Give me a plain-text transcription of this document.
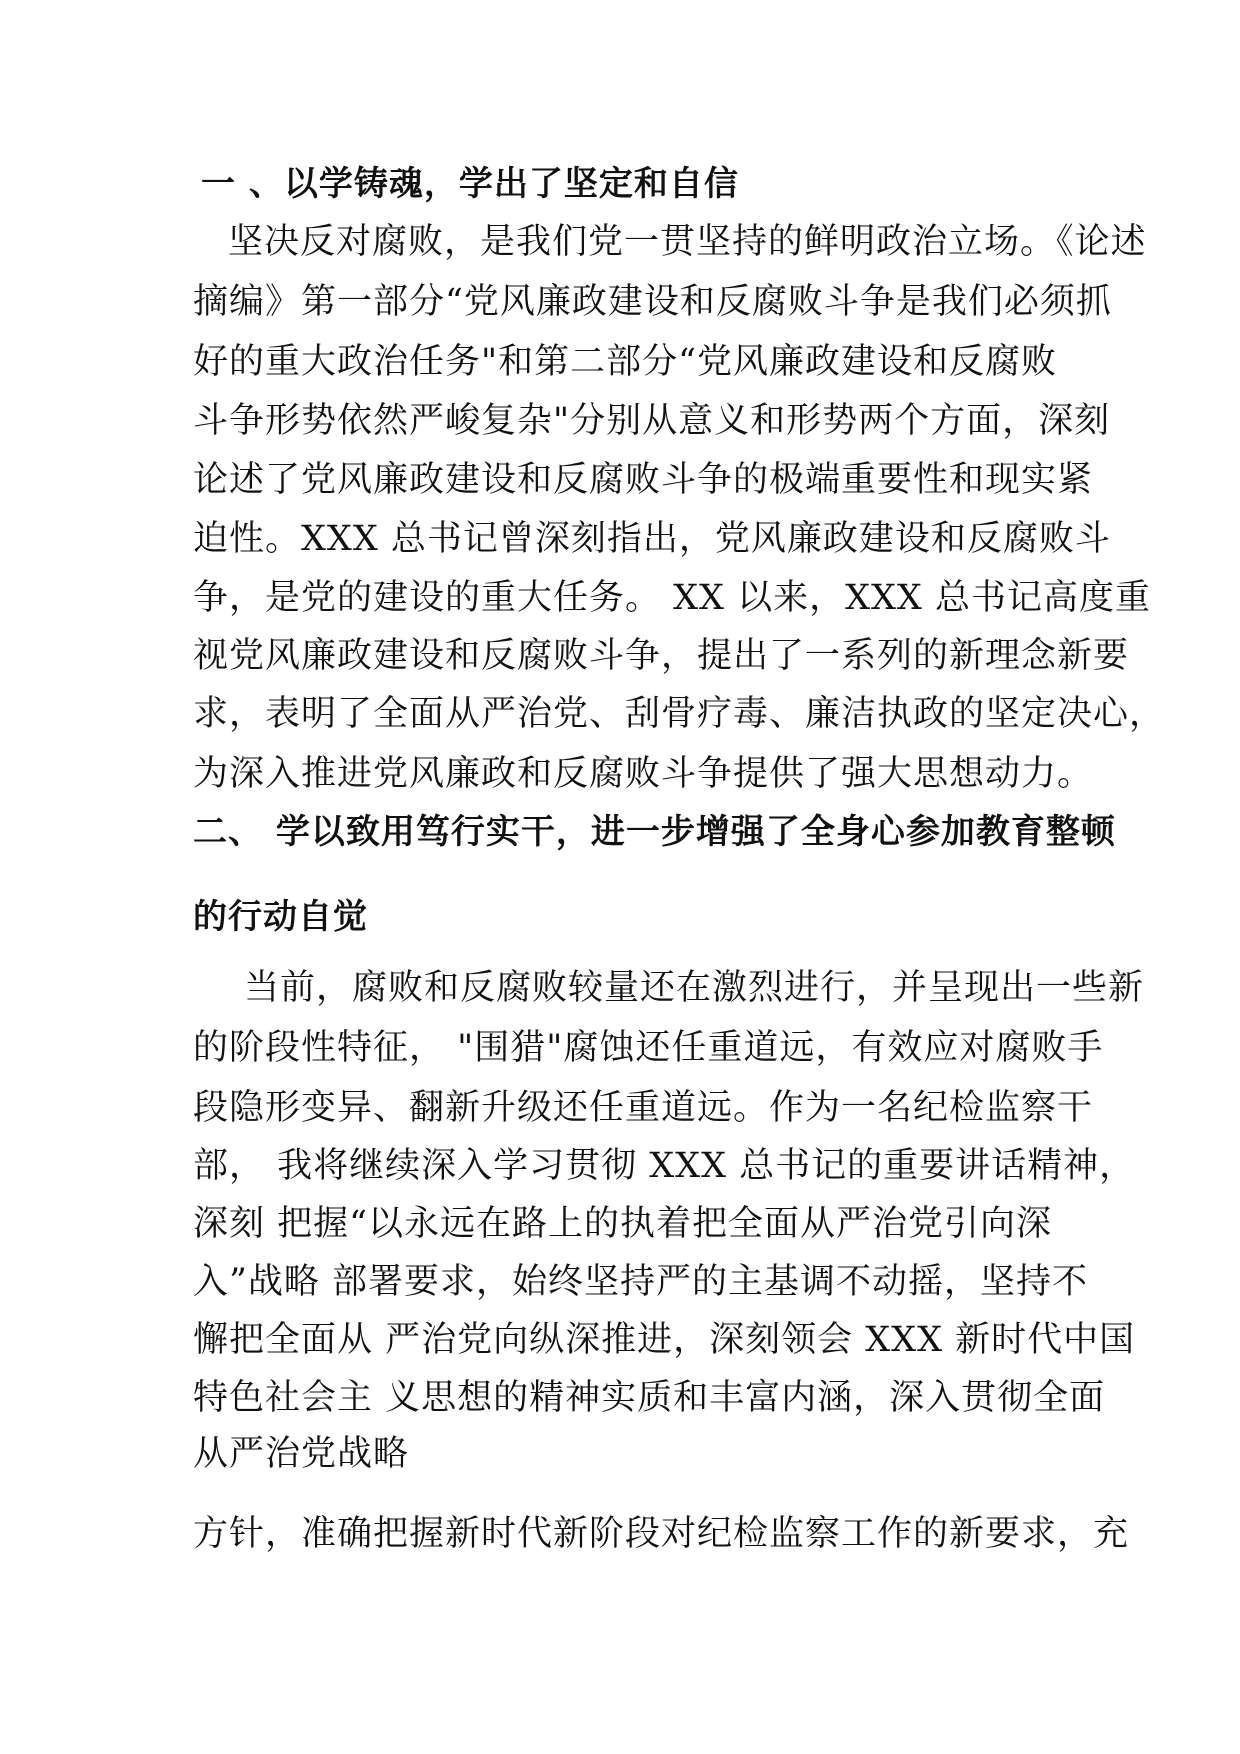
一 、以学铸魂，学出了坚定和自信
坚决反对腐败，是我们党一贯坚持的鲜明政治立场。《论述
摘编》第一部分“党风廉政建设和反腐败斗争是我们必须抓
好的重大政治任务"和第二部分“党风廉政建设和反腐败
斗争形势依然严峻复杂"分别从意义和形势两个方面，深刻
论述了党风廉政建设和反腐败斗争的极端重要性和现实紧
迫性。XXX 总书记曾深刻指出，党风廉政建设和反腐败斗
争，是党的建设的重大任务。 XX 以来，XXX 总书记高度重
视党风廉政建设和反腐败斗争，提出了一系列的新理念新要
求，表明了全面从严治党、刮骨疗毒、廉洁执政的坚定决心，
为深入推进党风廉政和反腐败斗争提供了强大思想动力。
二、 学以致用笃行实干，进一步增强了全身心参加教育整顿
的行动自觉
当前，腐败和反腐败较量还在激烈进行，并呈现出一些新
的阶段性特征， "围猎"腐蚀还任重道远，有效应对腐败手
段隐形变异、翻新升级还任重道远。作为一名纪检监察干
部， 我将继续深入学习贯彻 XXX 总书记的重要讲话精神，
深刻 把握“以永远在路上的执着把全面从严治党引向深
入”战略 部署要求，始终坚持严的主基调不动摇，坚持不
懈把全面从 严治党向纵深推进，深刻领会 XXX 新时代中国
特色社会主 义思想的精神实质和丰富内涵，深入贯彻全面
从严治党战略
方针，准确把握新时代新阶段对纪检监察工作的新要求，充
